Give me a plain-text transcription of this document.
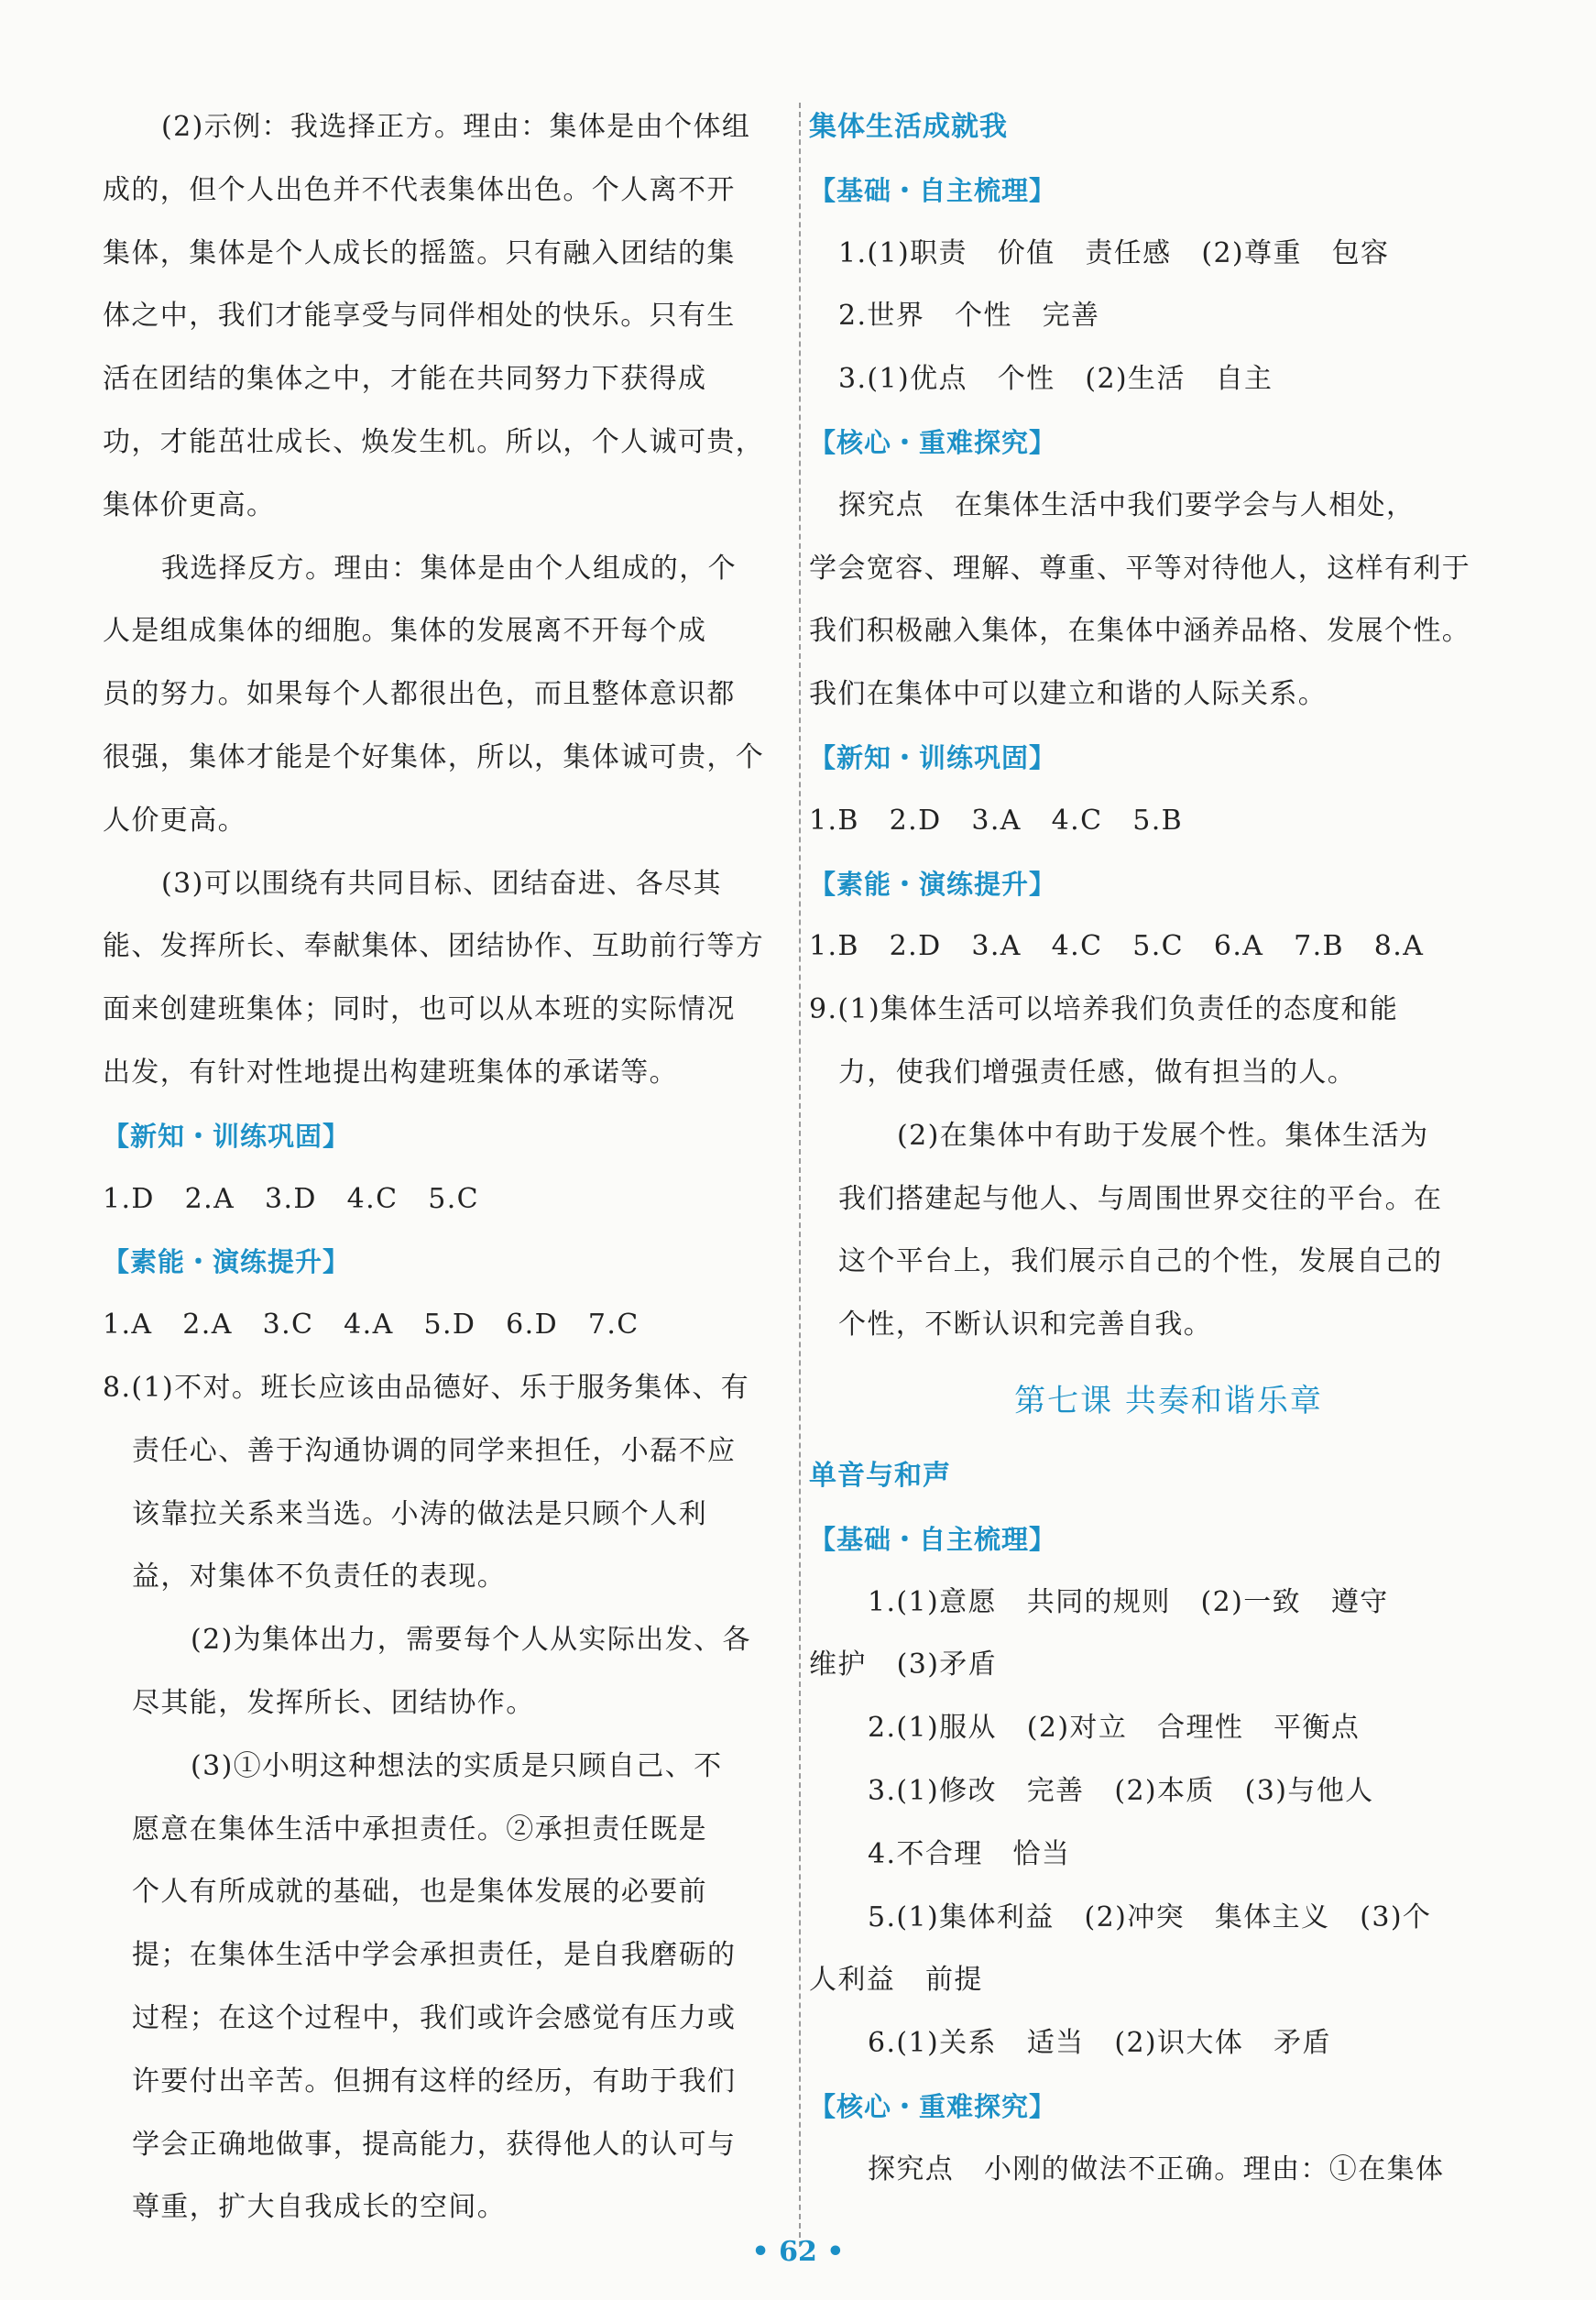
(2)示例：我选择正方。理由：集体是由个体组
成的，但个人出色并不代表集体出色。个人离不开
集体，集体是个人成长的摇篮。只有融入团结的集
体之中，我们才能享受与同伴相处的快乐。只有生
活在团结的集体之中，才能在共同努力下获得成
功，才能茁壮成长、焕发生机。所以，个人诚可贵，
集体价更高。
我选择反方。理由：集体是由个人组成的，个
人是组成集体的细胞。集体的发展离不开每个成
员的努力。如果每个人都很出色，而且整体意识都
很强，集体才能是个好集体，所以，集体诚可贵，个
人价更高。
(3)可以围绕有共同目标、团结奋进、各尽其
能、发挥所长、奉献集体、团结协作、互助前行等方
面来创建班集体；同时，也可以从本班的实际情况
出发，有针对性地提出构建班集体的承诺等。
【新知・训练巩固】
1.D   2.A   3.D   4.C   5.C
【素能・演练提升】
1.A   2.A   3.C   4.A   5.D   6.D   7.C
8.(1)不对。班长应该由品德好、乐于服务集体、有
责任心、善于沟通协调的同学来担任，小磊不应
该靠拉关系来当选。小涛的做法是只顾个人利
益，对集体不负责任的表现。
(2)为集体出力，需要每个人从实际出发、各
尽其能，发挥所长、团结协作。
(3)①小明这种想法的实质是只顾自己、不
愿意在集体生活中承担责任。②承担责任既是
个人有所成就的基础，也是集体发展的必要前
提；在集体生活中学会承担责任，是自我磨砺的
过程；在这个过程中，我们或许会感觉有压力或
许要付出辛苦。但拥有这样的经历，有助于我们
学会正确地做事，提高能力，获得他人的认可与
尊重，扩大自我成长的空间。
集体生活成就我
【基础・自主梳理】
1.(1)职责   价值   责任感   (2)尊重   包容
2.世界   个性   完善
3.(1)优点   个性   (2)生活   自主
【核心・重难探究】
探究点   在集体生活中我们要学会与人相处，
学会宽容、理解、尊重、平等对待他人，这样有利于
我们积极融入集体，在集体中涵养品格、发展个性。
我们在集体中可以建立和谐的人际关系。
【新知・训练巩固】
1.B   2.D   3.A   4.C   5.B
【素能・演练提升】
1.B   2.D   3.A   4.C   5.C   6.A   7.B   8.A
9.(1)集体生活可以培养我们负责任的态度和能
力，使我们增强责任感，做有担当的人。
(2)在集体中有助于发展个性。集体生活为
我们搭建起与他人、与周围世界交往的平台。在
这个平台上，我们展示自己的个性，发展自己的
个性，不断认识和完善自我。
第七课 共奏和谐乐章
单音与和声
【基础・自主梳理】
1.(1)意愿   共同的规则   (2)一致   遵守
维护   (3)矛盾
2.(1)服从   (2)对立   合理性   平衡点
3.(1)修改   完善   (2)本质   (3)与他人
4.不合理   恰当
5.(1)集体利益   (2)冲突   集体主义   (3)个
人利益   前提
6.(1)关系   适当   (2)识大体   矛盾
【核心・重难探究】
探究点   小刚的做法不正确。理由：①在集体
• 62 •
